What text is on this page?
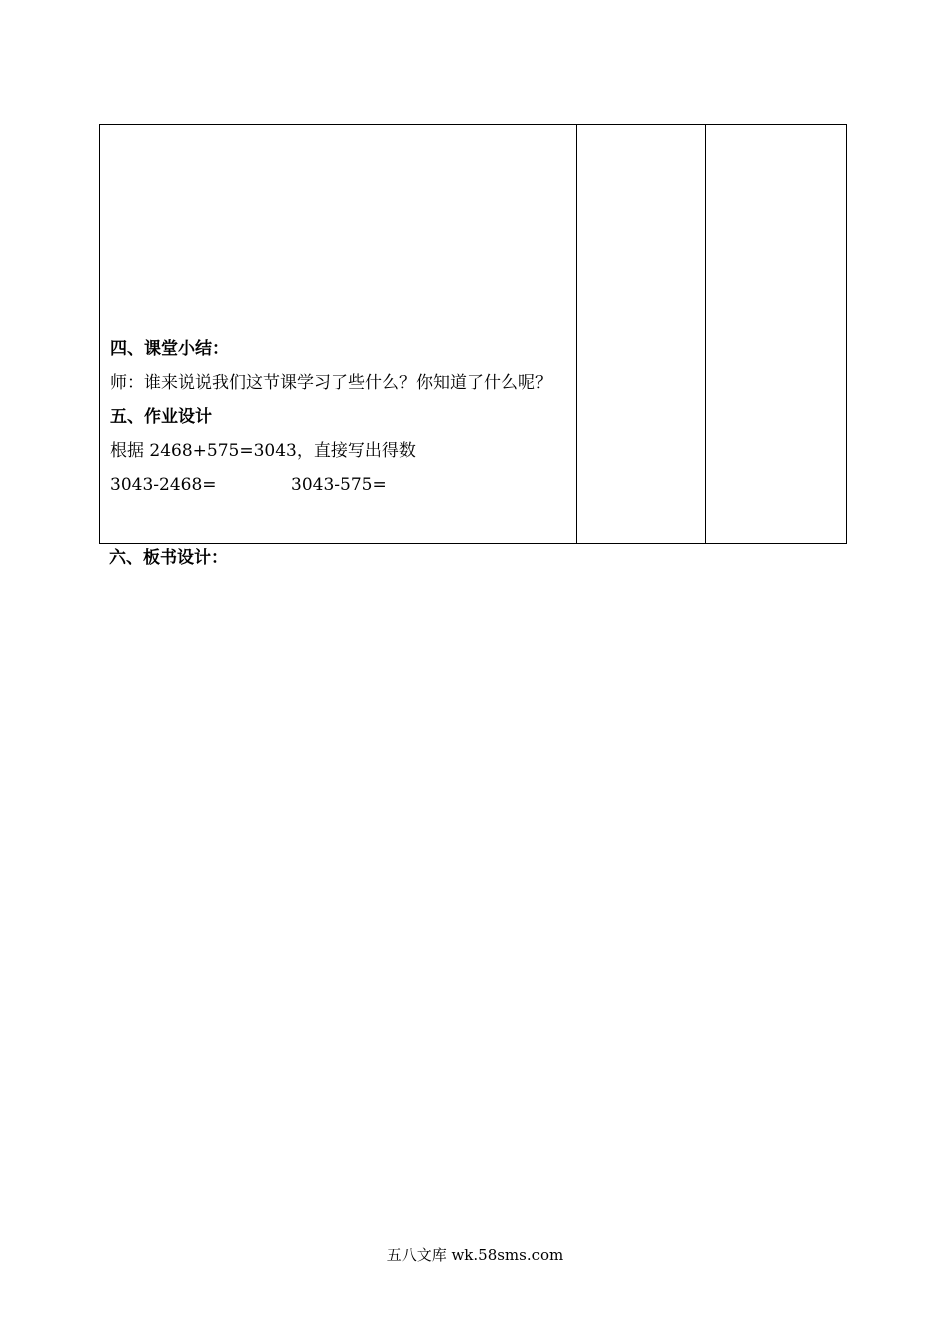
四、课堂小结：
师：谁来说说我们这节课学习了些什么？你知道了什么呢？
五、作业设计
根据 2468+575=3043，直接写出得数
3043-2468=	3043-575=

六、板书设计：
五八文库 wk.58sms.com
